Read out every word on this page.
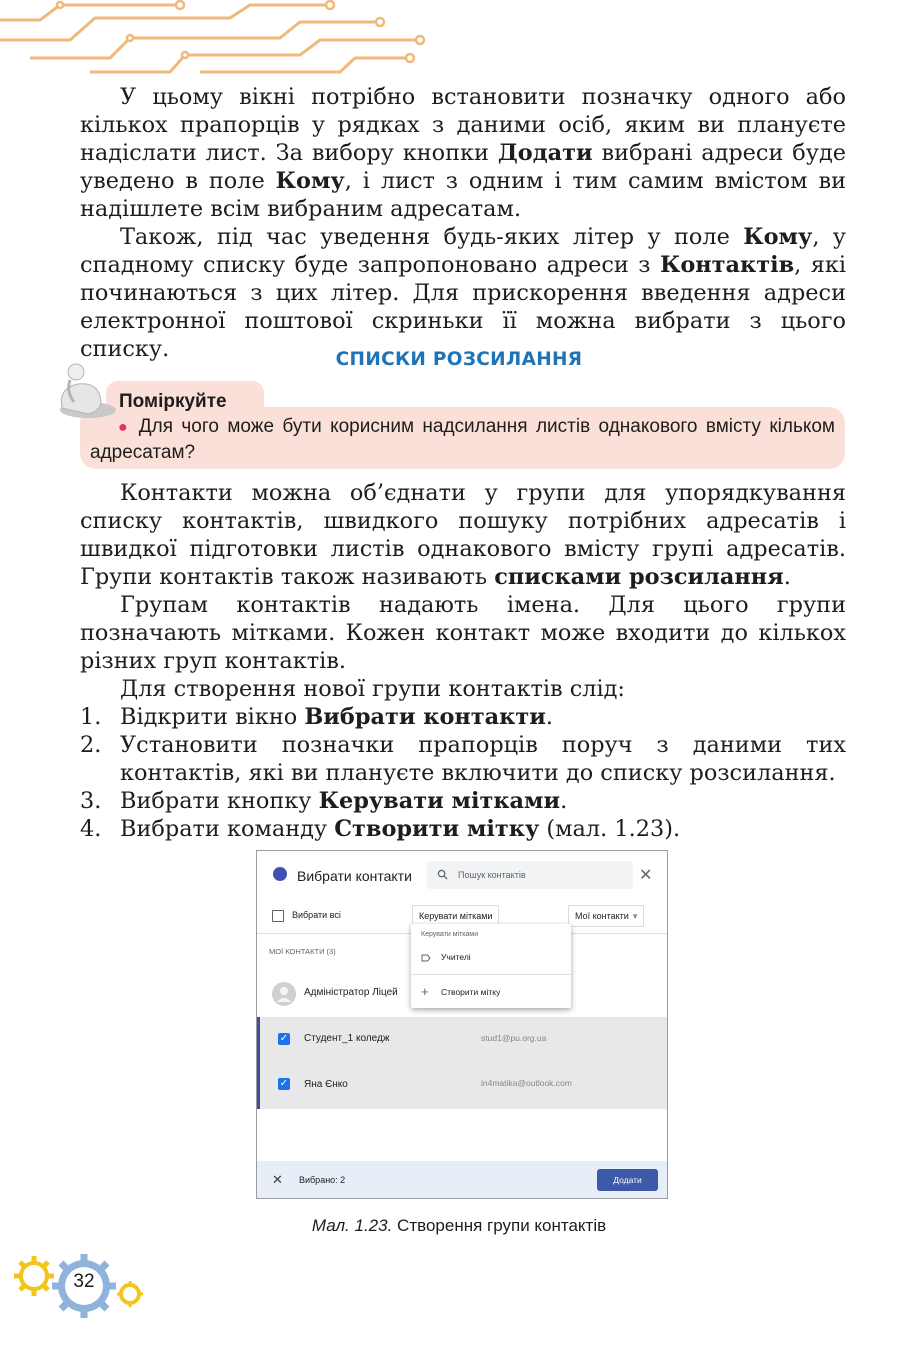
У цьому вікні потрібно встановити позначку одного або кількох прапорців у рядках з даними осіб, яким ви плануєте надіслати лист. За вибору кнопки Додати вибрані адреси буде уведено в поле Кому, і лист з одним і тим самим вмістом ви надішлете всім вибраним адресатам.

Також, під час уведення будь-яких літер у поле Кому, у спадному списку буде запропоновано адреси з Контактів, які починаються з цих літер. Для прискорення введення адреси електронної поштової скриньки її можна вибрати з цього списку.	СПИСКИ РОЗСИЛАННЯ
Поміркуйте
● Для чого може бути корисним надсилання листів однакового вмісту кільком адресатам?

Контакти можна об’єднати у групи для упорядкування списку контактів, швидкого пошуку потрібних адресатів і швидкої підготовки листів однакового вмісту групі адресатів. Групи контактів також називають списками розсилання.

Групам контактів надають імена. Для цього групи позначають мітками. Кожен контакт може входити до кількох різних груп контактів.

Для створення нової групи контактів слід:

1. Відкрити вікно Вибрати контакти.
2. Установити позначки прапорців поруч з даними тих контактів, які ви плануєте включити до списку розсилання.
3. Вибрати кнопку Керувати мітками.
4. Вибрати команду Створити мітку (мал. 1.23).
Вибрати контакти	Пошук контактів	✕
Вибрати всі	Керувати мітками	Мої контакти ▾
МОЇ КОНТАКТИ (3)
Адміністратор Ліцей
✓ Студент_1 коледж	stud1@pu.org.ua
✓ Яна Єнко	in4matika@outlook.com
Керувати мітками
Учителі
+ Створити мітку
✕ Вибрано: 2	Додати
Мал. 1.23. Створення групи контактів
32
